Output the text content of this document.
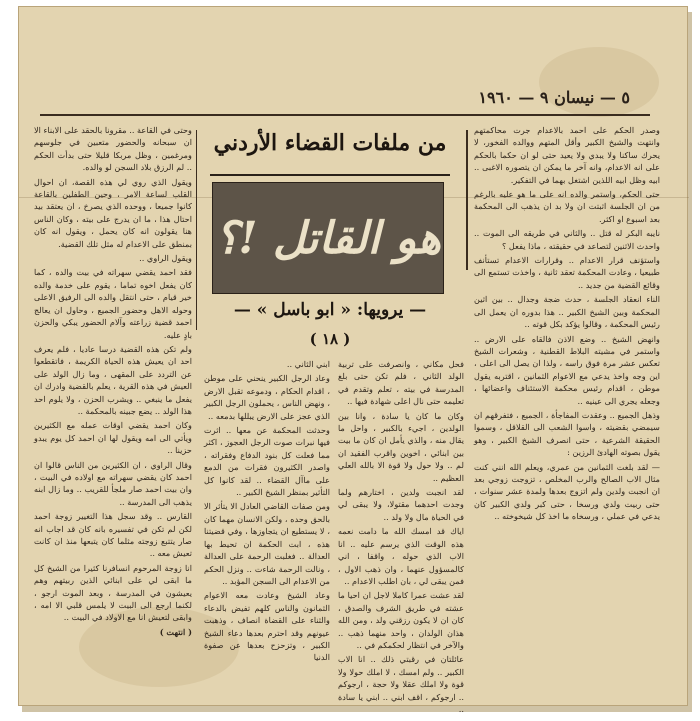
٥ — نيسان ٩ — ١٩٦٠
من ملفات القضاء الأردني
هو القاتل !؟
— يرويها: « ابو باسل » —
( ١٨ )

وصدر الحكم على احمد بالاعدام جرت محاكمتهم وانتهت والشيخ الكبير وأقل المتهم ووالده الفخور، لا يحرك ساكنا ولا يبدي ولا يعيد حتى لو ان حكما بالحكم على انه الاعدام، وانه آخر ما يمكن ان يتصوره الاغبى .. ابيه وظل ابيه اللذين اشتغل بهما في التفكير.

حتى الحكم، واستمر والده انه على ما هو عليه بالرغم من ان الجلسة اثبتت ان ولا بد ان يذهب الى المحكمة بعد اسبوع او اكثر.

نايبه البكر له قتل .. والثاني في طريقه الى الموت .. واحدث الاثنين لتصاعد في حقيقته ، ماذا يفعل ؟

واستؤنف قرار الاعدام .. وقرارات الاعدام تستأنف طبيعيا ، وعادت المحكمة تعقد ثانية ، واخذت تستمع الى وقائع القضية من جديد ..

الناء انعقاد الجلسة ، حدث ضجة وجدال .. بين اثين المحكمة وبين الشيخ الكبير .. هذا بدوره ان يعمل الى رئيس المحكمة ، وقالوا يؤكد بكل قوته ..

وانهض الشيخ .. وضع الاذن فالقاه على الارض .. واستمر في مشيته البلاط القطنية ، وشعرات الشيخ تعكس عشر مرة فوق راسه ، ولذا ان يصل الى اعلى ، اين وجه واخذ يدعي مع الاعوام الثمانين ، اقتربه يقول موطن ، اقدام رئيس محكمة الاستئناف واعضائها ، وجعله يجري الى عينيه ..

وذهل الجميع .. وعقدت المفاجأة ، الجميع ، فتفرقهم ان سيمضي بقضيته ، واسوا الشعب الى القلاقل ، وسموا الحقيقة الشرعية ، حتى انصرف الشيخ الكبير ، وهو يقول بصوته الهادئ الرزين :

— لقد بلغت الثمانين من عمري، ويعلم الله انني كنت مثال الاب الصالح والرب المخلص ، تزوجت زوجي بعد ان انجبت ولدين ولم اتزوج بعدها ولمدة عشر سنوات ، حتى ربيت ولدي ورسخا ، حتى كبر ولدي الكبير كان يدعي في عملي ، ورسخاه ما اخذ كل شيخوخته ..

فحل مكاني ، وانصرفت على تربية الولد الثاني ، فلم تكن حتى بلغ المدرسة في بيته ، تعلم وتقدم في تعليمه حتى نال اعلى شهادة فيها ..

وكان ما كان يا سادة ، وانا بين الولدين ، اجيء بالكبير ، واحل ما يقال منه ، والذي يأمل ان كان ما بيت بين ابنائي ، اخوين واقرب الفقيد ان لم .. ولا حول ولا قوة الا بالله العلي العظيم ..

لقد انجبت ولدين ، اختارهم ولما وجدت احدهما مقتولا، ولا يبقى لي في الحياة مال ولا ولد ..

اياك قد امسك الله ما دامت نعمه هذه الوقت الذي يرسم عليه .. انا الاب الذي حوله ، واقفا ، اني كالمسؤول عنهما ، وان ذهب الاول ، فمن يبقى لي ، بان اطلب الاعدام ..

لقد عشت عمرا كاملا لاجل ان احيا ما عشته في طريق الشرف والصدق ، كان ان لا يكون رزقني ولد ، ومن الله هذان الولدان ، واحد منهما ذهب .. والآخر في انتظار لحكمكم في ..

عائلتان في رقبتي ذلك .. انا الاب الكبير .. ولم امسك ، لا املك حولا ولا قوة ولا املك عقلا ولا حجة ، ارجوكم .. ارجوكم ، اقف ابني .. ابني يا سادة ..

ابني الثاني ..

وعاد الرجل الكبير ينحني على موطن ، اقدام الحكام ، ودموعه تقبل الارض ، ونهض الناس ، يحملون الرجل الكبير الذي عجز على الارض يبللها بدمعه ..

وحدثت المحكمة عن معها .. اثرت فيها نبرات صوت الرجل العجوز ، اكثر مما فعلت كل بنود الدفاع وفقراته ، واصدر الكثيرون فقرات من الدمع على ماآل القضاء .. لقد كانوا كل التأثير بمنظر الشيخ الكبير ..

ومن صفات القاضي العادل الا يتأثر الا بالحق وحده ، ولكن الانسان مهما كان ، لا يستطيع ان يتجاوزها ، وفي قضيتنا هذه ، ابت الحكمة ان تحيط بها العدالة .. فغلبت الرحمة على العدالة ، ونالت الرحمة شاءت .. ونزل الحكم من الاعدام الى السجن المؤبد ..

وعاد الشيخ وعادت معه الاعوام الثمانون والناس كلهم تفيض بالدعاء والثناء على القضاة انصاف ، وذهبت عيونهم وقد احترم بعدها دعاء الشيخ الكبير ، وتزحزح بعدها عن صفوة الدنيا

وحتى في القاعة .. مقرونا بالحقد على الابناء الا ان سبحانه والحضور متعبين في جلوسهم ومرغمين ، وظل مربكا قليلا حتى بدأت الحكم .. لم الرزق بلاد السجن لو والده.

ويقول الذي روي لي هذه القصة، ان احوال القلب لساعة الامر ، وحين الطفلين بالقاعة كانوا جميعا ، ووحده الذي يصرخ ، ان يعتقد بيد احتال هذا ، ما ان يدرج على بيته ، وكان الناس هنا يقولون انه كان يحمل ، ويقول انه كان بمنطق على الاعدام له مثل تلك القضية.

ويقول الراوي ..

فقد احمد يقضي سهراته في بيت والده ، كما كان يفعل اخوه تماما ، يقوم على خدمة والده خير قيام ، حتى انتقل والده الى الرفيق الاعلى وحوله الاهل وحضور الجميع ، وحاول ان يعالج احمد قضية زراعته وآلام الحضور يبكي والحزن بادٍ عليه.

ولم تكن هذه القضية درسا عاديا ، فلم يعرف احد ان يعيش هذه الحياة الكريمة ، فاتقطعوا عن التردد على المقهى ، وما زال الولد على العيش في هذه القرية ، يعلم بالقضية وادرك ان يفعل ما ينبغي .. ويشرب الحزن ، ولا يلوم احد هذا الولد .. يضع جبينه بالمحكمة ..

وكان احمد يقضي اوقات عمله مع الكثيرين ويأتي الى امه ويقول لها ان احمد كل يوم يبدو حزينا ..

وقال الراوي ، ان الكثيرين من الناس قالوا ان احمد كان يقضي سهراته مع اولاده في البيت ، وان بيت احمد صار ملجأ للقريب .. وما زال ابنه يذهب الى المدرسة ..

القارس .. وقد سجل هذا التغيير زوجة احمد لكن لم تكن في تفسيره بانه كان قد اجاب انه صار يتتبع زوجته مثلما كان يتبعها منذ ان كانت تعيش معه ..

انا زوجة المرحوم انسافرنا كثيرا من الشيخ كل ما ابقى لي على ابنائي الذين ربيتهم وهم يعيشون في المدرسة ، وبعد الموت ارجو ، لكنما ارجع الى البيت لا يلمس قلبي الا امه ، وابقى لتعيش انا مع الاولاد في البيت ..

( انتهت )
